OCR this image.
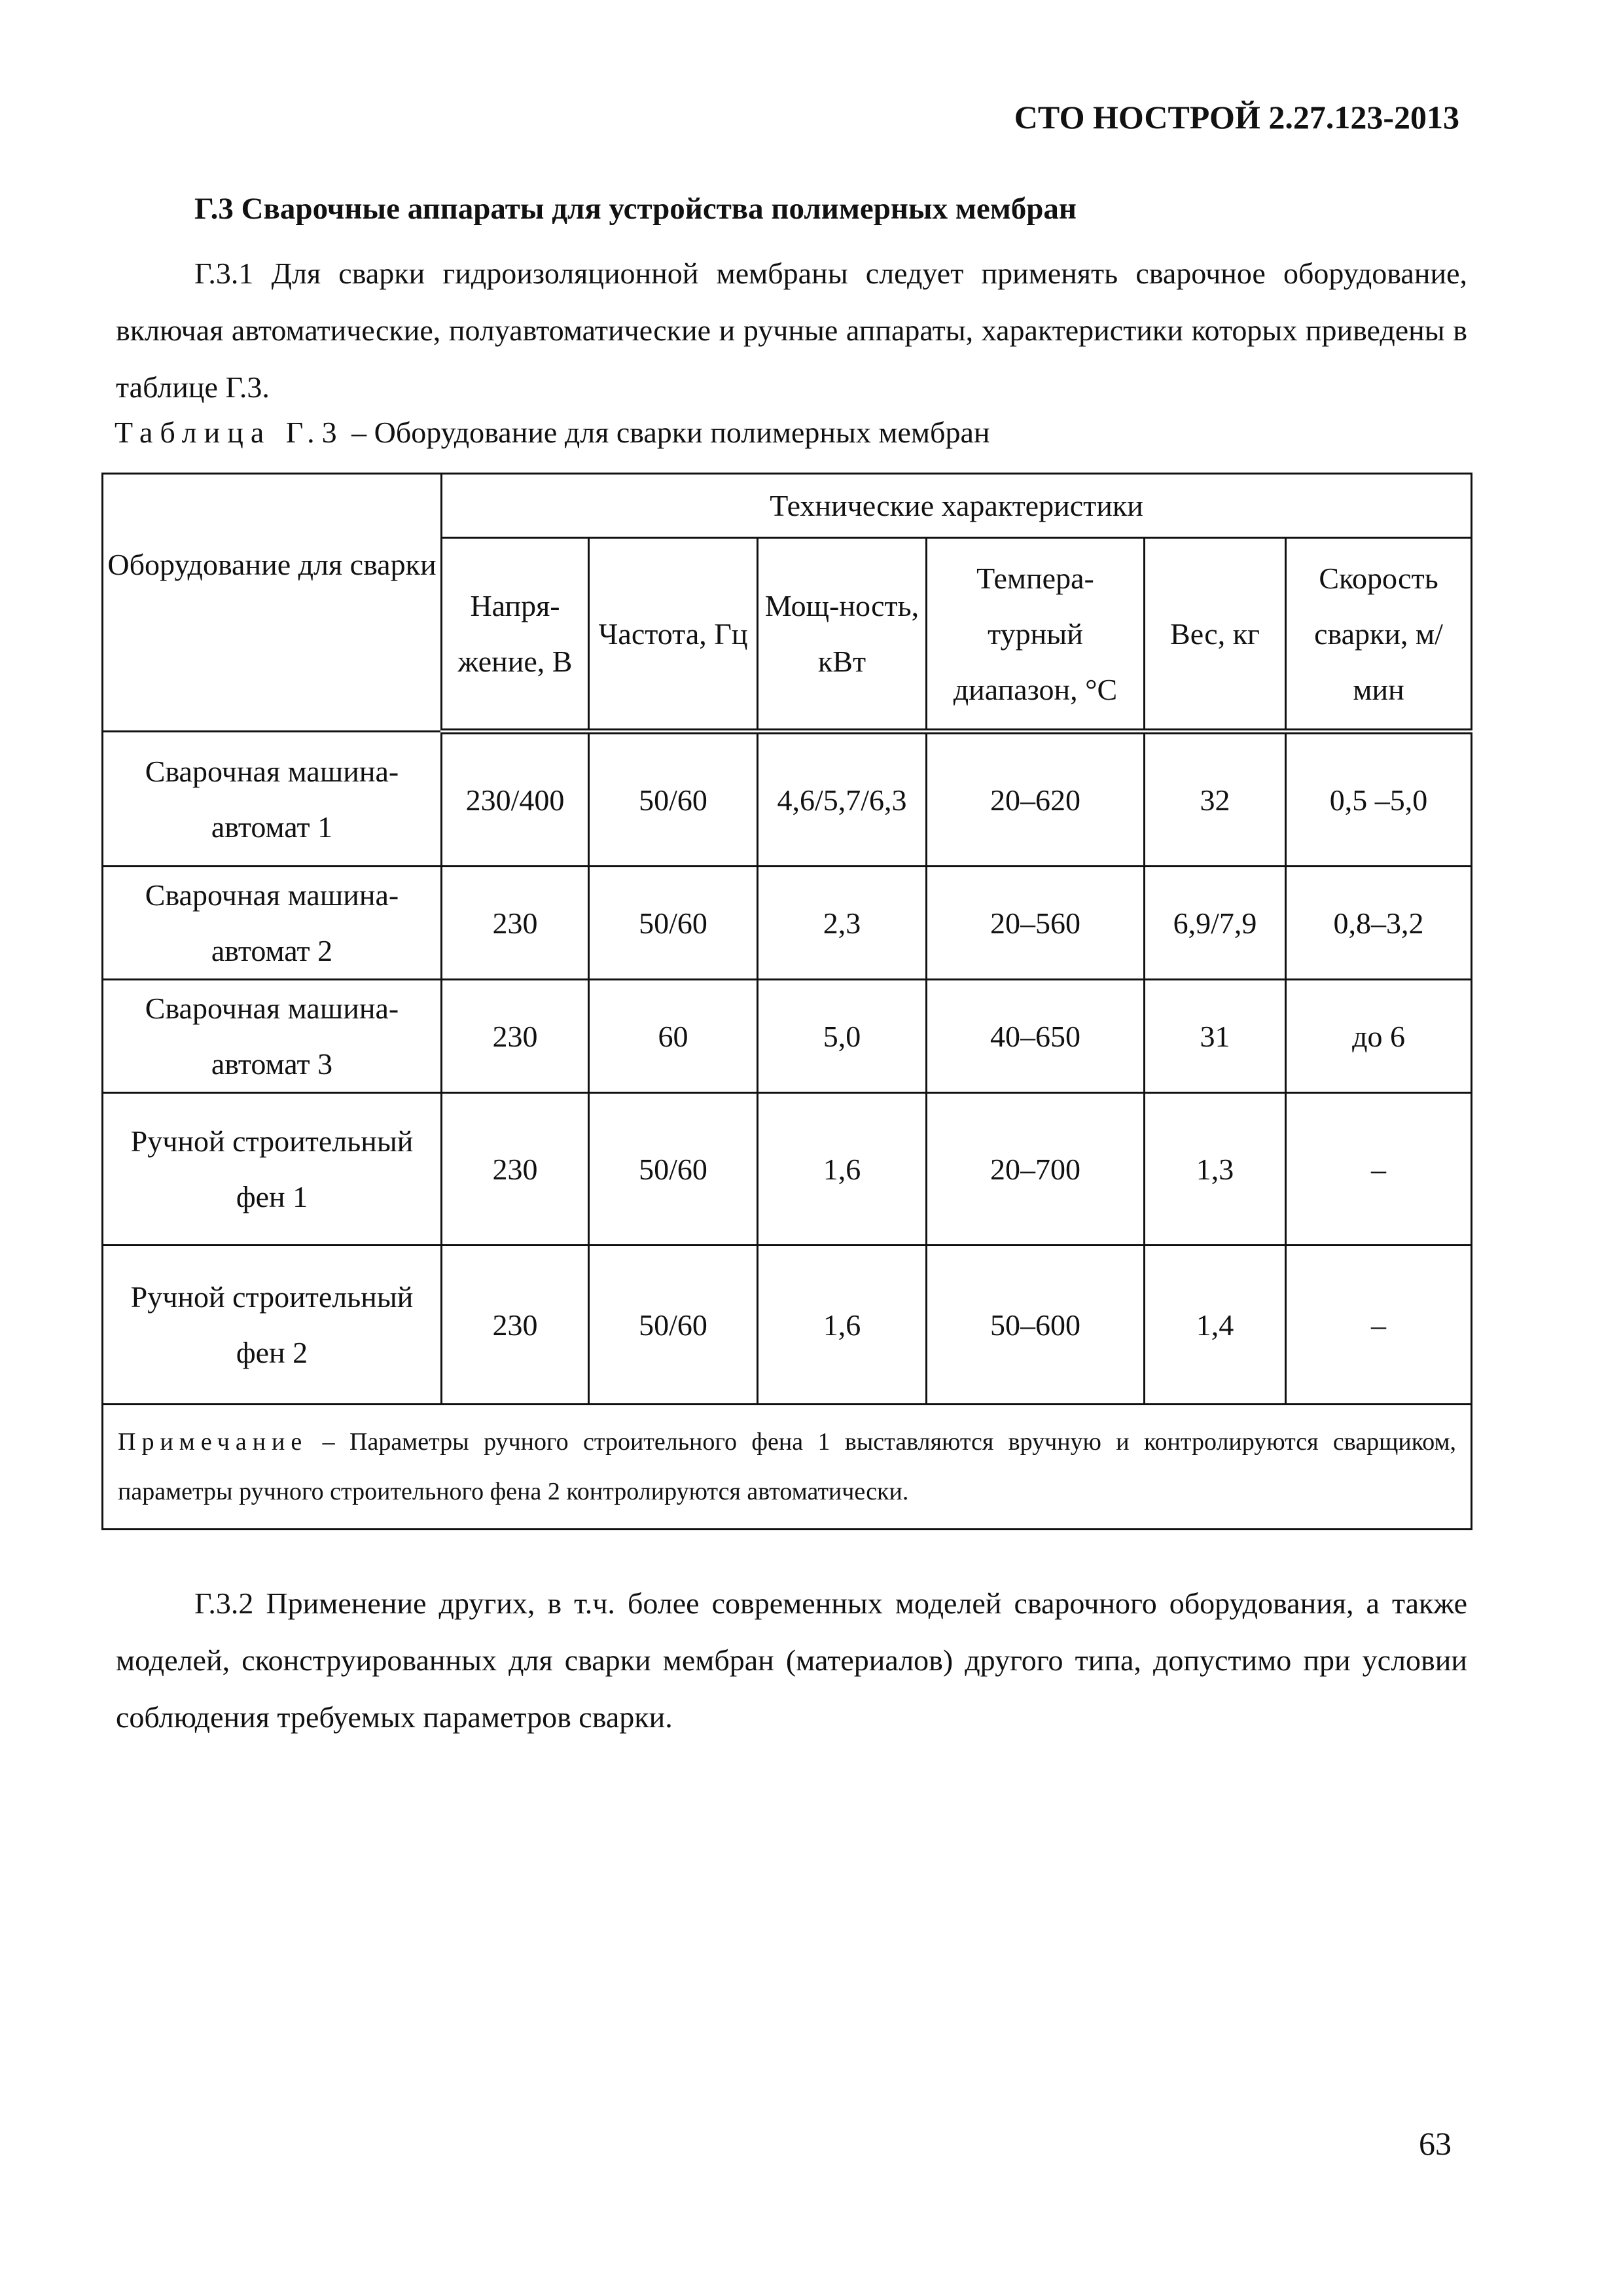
СТО НОСТРОЙ 2.27.123-2013
Г.3 Сварочные аппараты для устройства полимерных мембран

Г.3.1 Для сварки гидроизоляционной мембраны следует применять сварочное оборудование, включая автоматические, полуавтоматические и ручные аппараты, характеристики которых приведены в таблице Г.3.

Таблица Г.3 – Оборудование для сварки полимерных мембран
Оборудование для сварки	Технические характеристики					
	Напря-жение, В	Частота, Гц	Мощ-ность, кВт	Темпера-турный диапазон, °С	Вес, кг	Скорость сварки, м/мин
Сварочная машина-автомат 1	230/400	50/60	4,6/5,7/6,3	20–620	32	0,5 –5,0
Сварочная машина-автомат 2	230	50/60	2,3	20–560	6,9/7,9	0,8–3,2
Сварочная машина-автомат 3	230	60	5,0	40–650	31	до 6
Ручной строительный фен 1	230	50/60	1,6	20–700	1,3	–
Ручной строительный фен 2	230	50/60	1,6	50–600	1,4	–
Примечание – Параметры ручного строительного фена 1 выставляются вручную и контролируются сварщиком, параметры ручного строительного фена 2 контролируются автоматически.						

Г.3.2 Применение других, в т.ч. более современных моделей сварочного оборудования, а также моделей, сконструированных для сварки мембран (материалов) другого типа, допустимо при условии соблюдения требуемых параметров сварки.

63
